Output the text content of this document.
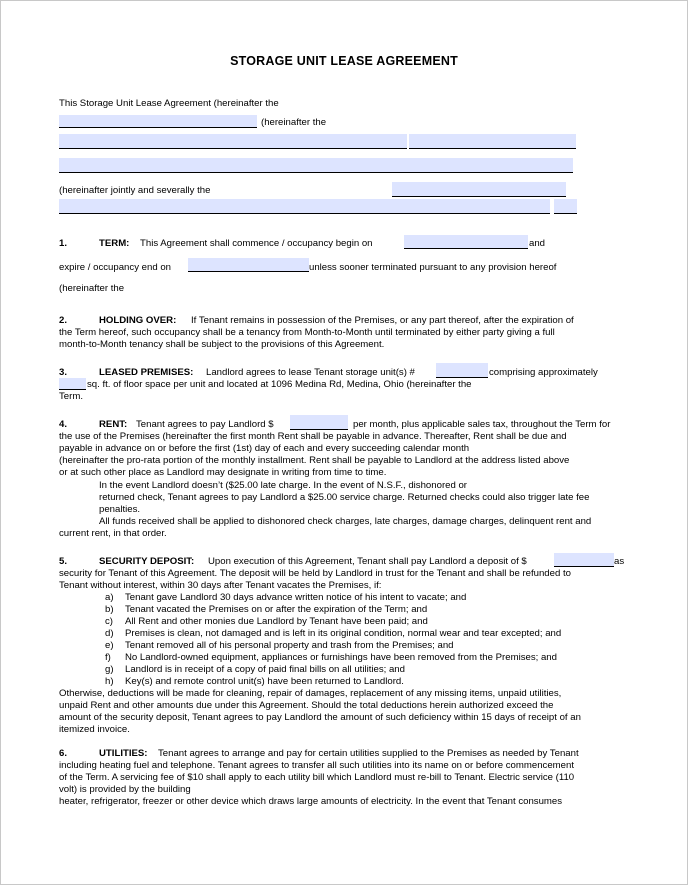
STORAGE UNIT LEASE AGREEMENT
This Storage Unit Lease Agreement (hereinafter the
(hereinafter the
(hereinafter jointly and severally the
1.	TERM: This Agreement shall commence / occupancy begin on	and
expire / occupancy end on	unless sooner terminated pursuant to any provision hereof
(hereinafter the
2.	HOLDING OVER: If Tenant remains in possession of the Premises, or any part thereof, after the expiration of
the Term hereof, such occupancy shall be a tenancy from Month-to-Month until terminated by either party giving a full
month-to-Month tenancy shall be subject to the provisions of this Agreement.
3.	LEASED PREMISES: Landlord agrees to lease Tenant storage unit(s) #	comprising approximately
sq. ft. of floor space per unit and located at 1096 Medina Rd, Medina, Ohio (hereinafter the
Term.
4.	RENT: Tenant agrees to pay Landlord $	per month, plus applicable sales tax, throughout the Term for
the use of the Premises (hereinafter the first month Rent shall be payable in advance. Thereafter, Rent shall be due and
payable in advance on or before the first (1st) day of each and every succeeding calendar month
(hereinafter the pro-rata portion of the monthly installment. Rent shall be payable to Landlord at the address listed above
or at such other place as Landlord may designate in writing from time to time.
In the event Landlord doesn’t ($25.00 late charge. In the event of N.S.F., dishonored or
returned check, Tenant agrees to pay Landlord a $25.00 service charge. Returned checks could also trigger late fee
penalties.
All funds received shall be applied to dishonored check charges, late charges, damage charges, delinquent rent and
current rent, in that order.
5.	SECURITY DEPOSIT: Upon execution of this Agreement, Tenant shall pay Landlord a deposit of $	as
security for Tenant of this Agreement. The deposit will be held by Landlord in trust for the Tenant and shall be refunded to
Tenant without interest, within 30 days after Tenant vacates the Premises, if:
a) Tenant gave Landlord 30 days advance written notice of his intent to vacate; and
b) Tenant vacated the Premises on or after the expiration of the Term; and
c) All Rent and other monies due Landlord by Tenant have been paid; and
d) Premises is clean, not damaged and is left in its original condition, normal wear and tear excepted; and
e) Tenant removed all of his personal property and trash from the Premises; and
f) No Landlord-owned equipment, appliances or furnishings have been removed from the Premises; and
g) Landlord is in receipt of a copy of paid final bills on all utilities; and
h) Key(s) and remote control unit(s) have been returned to Landlord.
Otherwise, deductions will be made for cleaning, repair of damages, replacement of any missing items, unpaid utilities,
unpaid Rent and other amounts due under this Agreement. Should the total deductions herein authorized exceed the
amount of the security deposit, Tenant agrees to pay Landlord the amount of such deficiency within 15 days of receipt of an
itemized invoice.
6.	UTILITIES: Tenant agrees to arrange and pay for certain utilities supplied to the Premises as needed by Tenant
including heating fuel and telephone. Tenant agrees to transfer all such utilities into its name on or before commencement
of the Term. A servicing fee of $10 shall apply to each utility bill which Landlord must re-bill to Tenant. Electric service (110
volt) is provided by the building
heater, refrigerator, freezer or other device which draws large amounts of electricity. In the event that Tenant consumes
